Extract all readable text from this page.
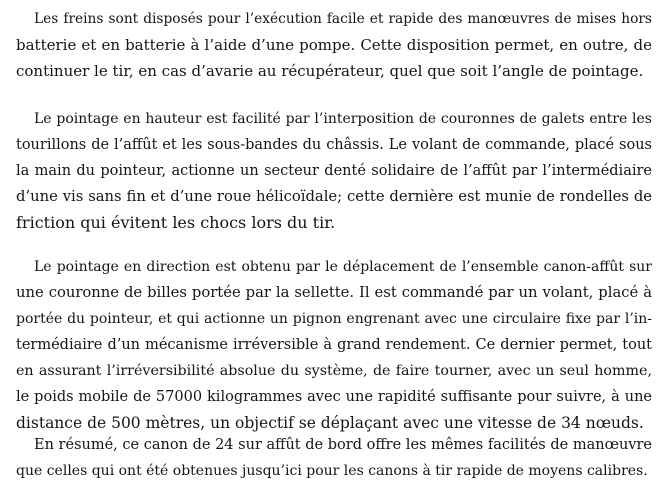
Les freins sont disposés pour l’exécution facile et rapide des manœuvres de mises hors
batterie et en batterie à l’aide d’une pompe. Cette disposition permet, en outre, de
continuer le tir, en cas d’avarie au récupérateur, quel que soit l’angle de pointage.
Le pointage en hauteur est facilité par l’interposition de couronnes de galets entre les
tourillons de l’affût et les sous-bandes du châssis. Le volant de commande, placé sous
la main du pointeur, actionne un secteur denté solidaire de l’affût par l’intermédiaire
d’une vis sans fin et d’une roue hélicoïdale; cette dernière est munie de rondelles de
friction qui évitent les chocs lors du tir.
Le pointage en direction est obtenu par le déplacement de l’ensemble canon-affût sur
une couronne de billes portée par la sellette. Il est commandé par un volant, placé à
portée du pointeur, et qui actionne un pignon engrenant avec une circulaire fixe par l’in-
termédiaire d’un mécanisme irréversible à grand rendement. Ce dernier permet, tout
en assurant l’irréversibilité absolue du système, de faire tourner, avec un seul homme,
le poids mobile de 57000 kilogrammes avec une rapidité suffisante pour suivre, à une
distance de 500 mètres, un objectif se déplaçant avec une vitesse de 34 nœuds.
En résumé, ce canon de 24 sur affût de bord offre les mêmes facilités de manœuvre
que celles qui ont été obtenues jusqu’ici pour les canons à tir rapide de moyens calibres.
